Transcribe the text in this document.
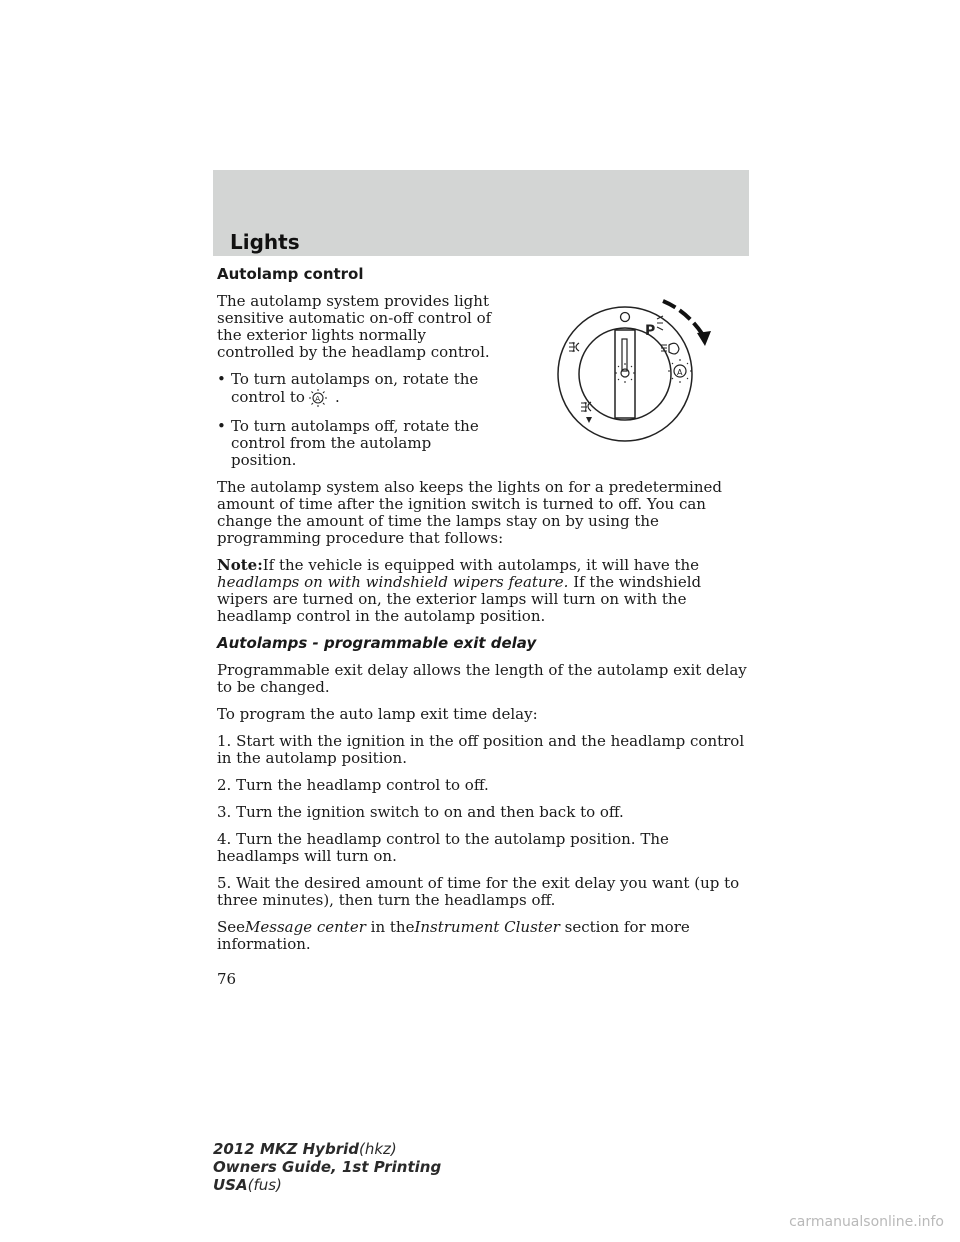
Lights
P
A
Autolamp control

The autolamp system provides light sensitive automatic on-off control of the exterior lights normally controlled by the headlamp control.

• To turn autolamps on, rotate the control to A .
• To turn autolamps off, rotate the control from the autolamp position.

The autolamp system also keeps the lights on for a predetermined amount of time after the ignition switch is turned to off. You can change the amount of time the lamps stay on by using the programming procedure that follows:

Note:If the vehicle is equipped with autolamps, it will have the headlamps on with windshield wipers feature. If the windshield wipers are turned on, the exterior lamps will turn on with the headlamp control in the autolamp position.

Autolamps - programmable exit delay

Programmable exit delay allows the length of the autolamp exit delay to be changed.

To program the auto lamp exit time delay:

1. Start with the ignition in the off position and the headlamp control in the autolamp position.

2. Turn the headlamp control to off.

3. Turn the ignition switch to on and then back to off.

4. Turn the headlamp control to the autolamp position. The headlamps will turn on.

5. Wait the desired amount of time for the exit delay you want (up to three minutes), then turn the headlamps off.

SeeMessage center in theInstrument Cluster section for more information.

76
2012 MKZ Hybrid(hkz)
Owners Guide, 1st Printing
USA(fus)
carmanualsonline.info
